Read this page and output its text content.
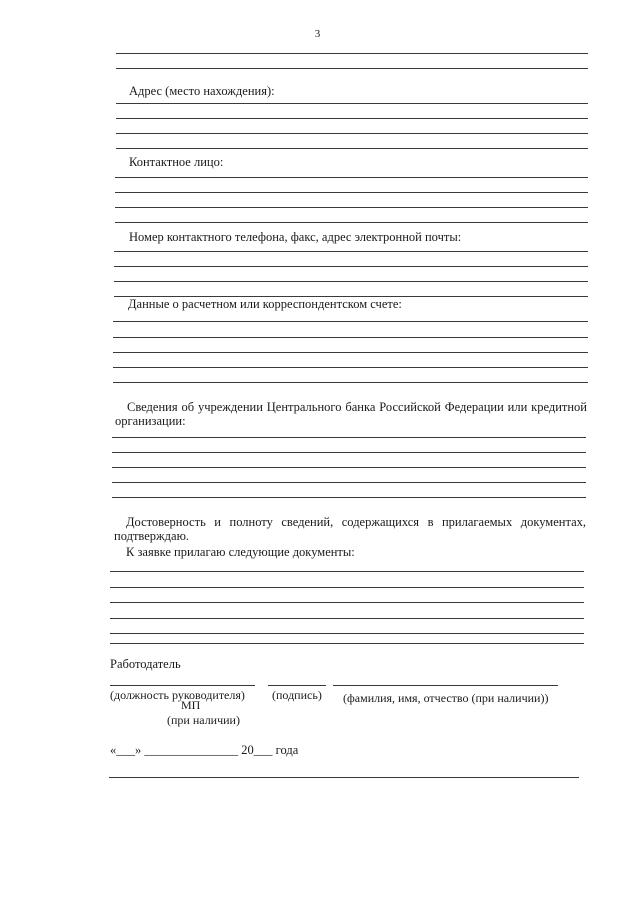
3
Адрес (место нахождения):
Контактное лицо:
Номер контактного телефона, факс, адрес электронной почты:
Данные о расчетном или корреспондентском счете:
Сведения об учреждении Центрального банка Российской Федерации или кредитной
организации:
Достоверность и полноту сведений, содержащихся в прилагаемых документах,
подтверждаю.
К заявке прилагаю следующие документы:
Работодатель
(должность руководителя) (подпись) (фамилия, имя, отчество (при наличии))
МП
(при наличии)
«___» _______________ 20___ года
